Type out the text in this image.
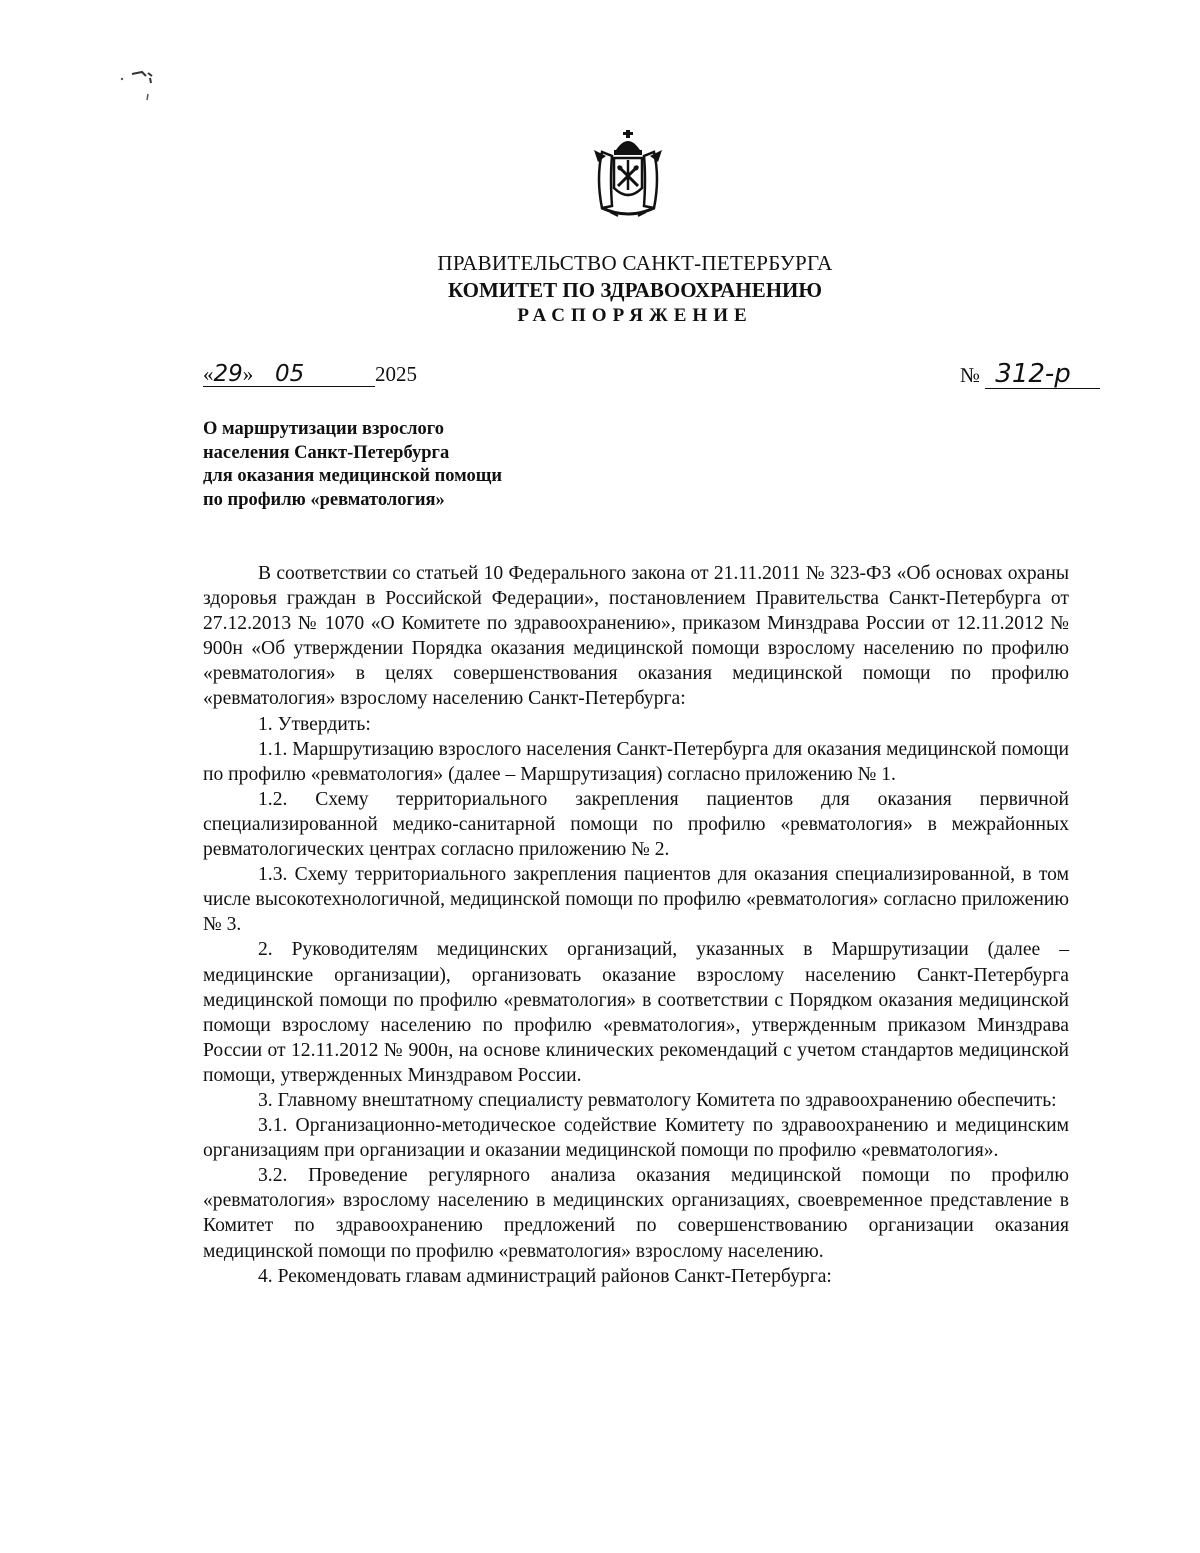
ПРАВИТЕЛЬСТВО САНКТ-ПЕТЕРБУРГА
КОМИТЕТ ПО ЗДРАВООХРАНЕНИЮ
РАСПОРЯЖЕНИЕ
«29» 05	2025	№ 312-р
О маршрутизации взрослого
населения Санкт-Петербурга
для оказания медицинской помощи
по профилю «ревматология»

В соответствии со статьей 10 Федерального закона от 21.11.2011 № 323-ФЗ «Об основах охраны здоровья граждан в Российской Федерации», постановлением Правительства Санкт-Петербурга от 27.12.2013 № 1070 «О Комитете по здравоохранению», приказом Минздрава России от 12.11.2012 № 900н «Об утверждении Порядка оказания медицинской помощи взрослому населению по профилю «ревматология» в целях совершенствования оказания медицинской помощи по профилю «ревматология» взрослому населению Санкт-Петербурга:

1. Утвердить:

1.1. Маршрутизацию взрослого населения Санкт-Петербурга для оказания медицинской помощи по профилю «ревматология» (далее – Маршрутизация) согласно приложению № 1.

1.2. Схему территориального закрепления пациентов для оказания первичной специализированной медико-санитарной помощи по профилю «ревматология» в межрайонных ревматологических центрах согласно приложению № 2.

1.3. Схему территориального закрепления пациентов для оказания специализированной, в том числе высокотехнологичной, медицинской помощи по профилю «ревматология» согласно приложению № 3.

2. Руководителям медицинских организаций, указанных в Маршрутизации (далее – медицинские организации), организовать оказание взрослому населению Санкт-Петербурга медицинской помощи по профилю «ревматология» в соответствии с Порядком оказания медицинской помощи взрослому населению по профилю «ревматология», утвержденным приказом Минздрава России от 12.11.2012 № 900н, на основе клинических рекомендаций с учетом стандартов медицинской помощи, утвержденных Минздравом России.

3. Главному внештатному специалисту ревматологу Комитета по здравоохранению обеспечить:

3.1. Организационно-методическое содействие Комитету по здравоохранению и медицинским организациям при организации и оказании медицинской помощи по профилю «ревматология».

3.2. Проведение регулярного анализа оказания медицинской помощи по профилю «ревматология» взрослому населению в медицинских организациях, своевременное представление в Комитет по здравоохранению предложений по совершенствованию организации оказания медицинской помощи по профилю «ревматология» взрослому населению.

4. Рекомендовать главам администраций районов Санкт-Петербурга:
